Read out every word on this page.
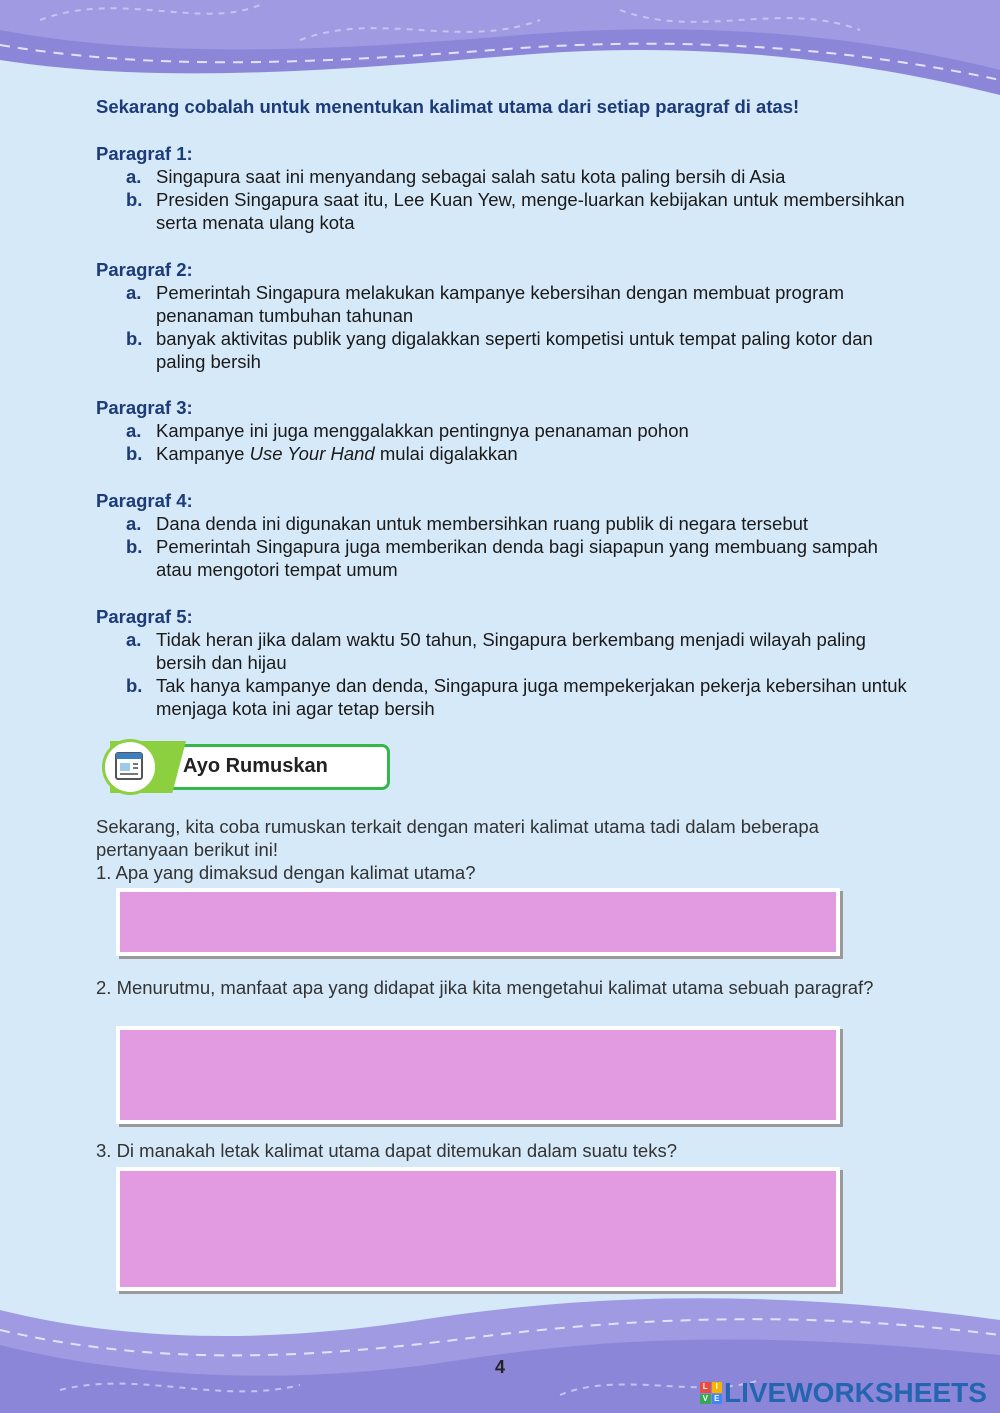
Sekarang cobalah untuk menentukan kalimat utama dari setiap paragraf di atas!

Paragraf 1:

a. Singapura saat ini menyandang sebagai salah satu kota paling bersih di Asia
b. Presiden Singapura saat itu, Lee Kuan Yew, menge-luarkan kebijakan untuk membersihkan serta menata ulang kota

Paragraf 2:

a. Pemerintah Singapura melakukan kampanye kebersihan dengan membuat program penanaman tumbuhan tahunan
b. banyak aktivitas publik yang digalakkan seperti kompetisi untuk tempat paling kotor dan paling bersih

Paragraf 3:

a. Kampanye ini juga menggalakkan pentingnya penanaman pohon
b. Kampanye Use Your Hand mulai digalakkan

Paragraf 4:

a. Dana denda ini digunakan untuk membersihkan ruang publik di negara tersebut
b. Pemerintah Singapura juga memberikan denda bagi siapapun yang membuang sampah atau mengotori tempat umum

Paragraf 5:

a. Tidak heran jika dalam waktu 50 tahun, Singapura berkembang menjadi wilayah paling bersih dan hijau
b. Tak hanya kampanye dan denda, Singapura juga mempekerjakan pekerja kebersihan untuk menjaga kota ini agar tetap bersih
Ayo Rumuskan
Sekarang, kita coba rumuskan terkait dengan materi kalimat utama tadi dalam beberapa pertanyaan berikut ini!
1. Apa yang dimaksud dengan kalimat utama?
2. Menurutmu, manfaat apa yang didapat jika kita mengetahui kalimat utama sebuah paragraf?
3. Di manakah letak kalimat utama dapat ditemukan dalam suatu teks?
4
L I
V E LIVEWORKSHEETS
